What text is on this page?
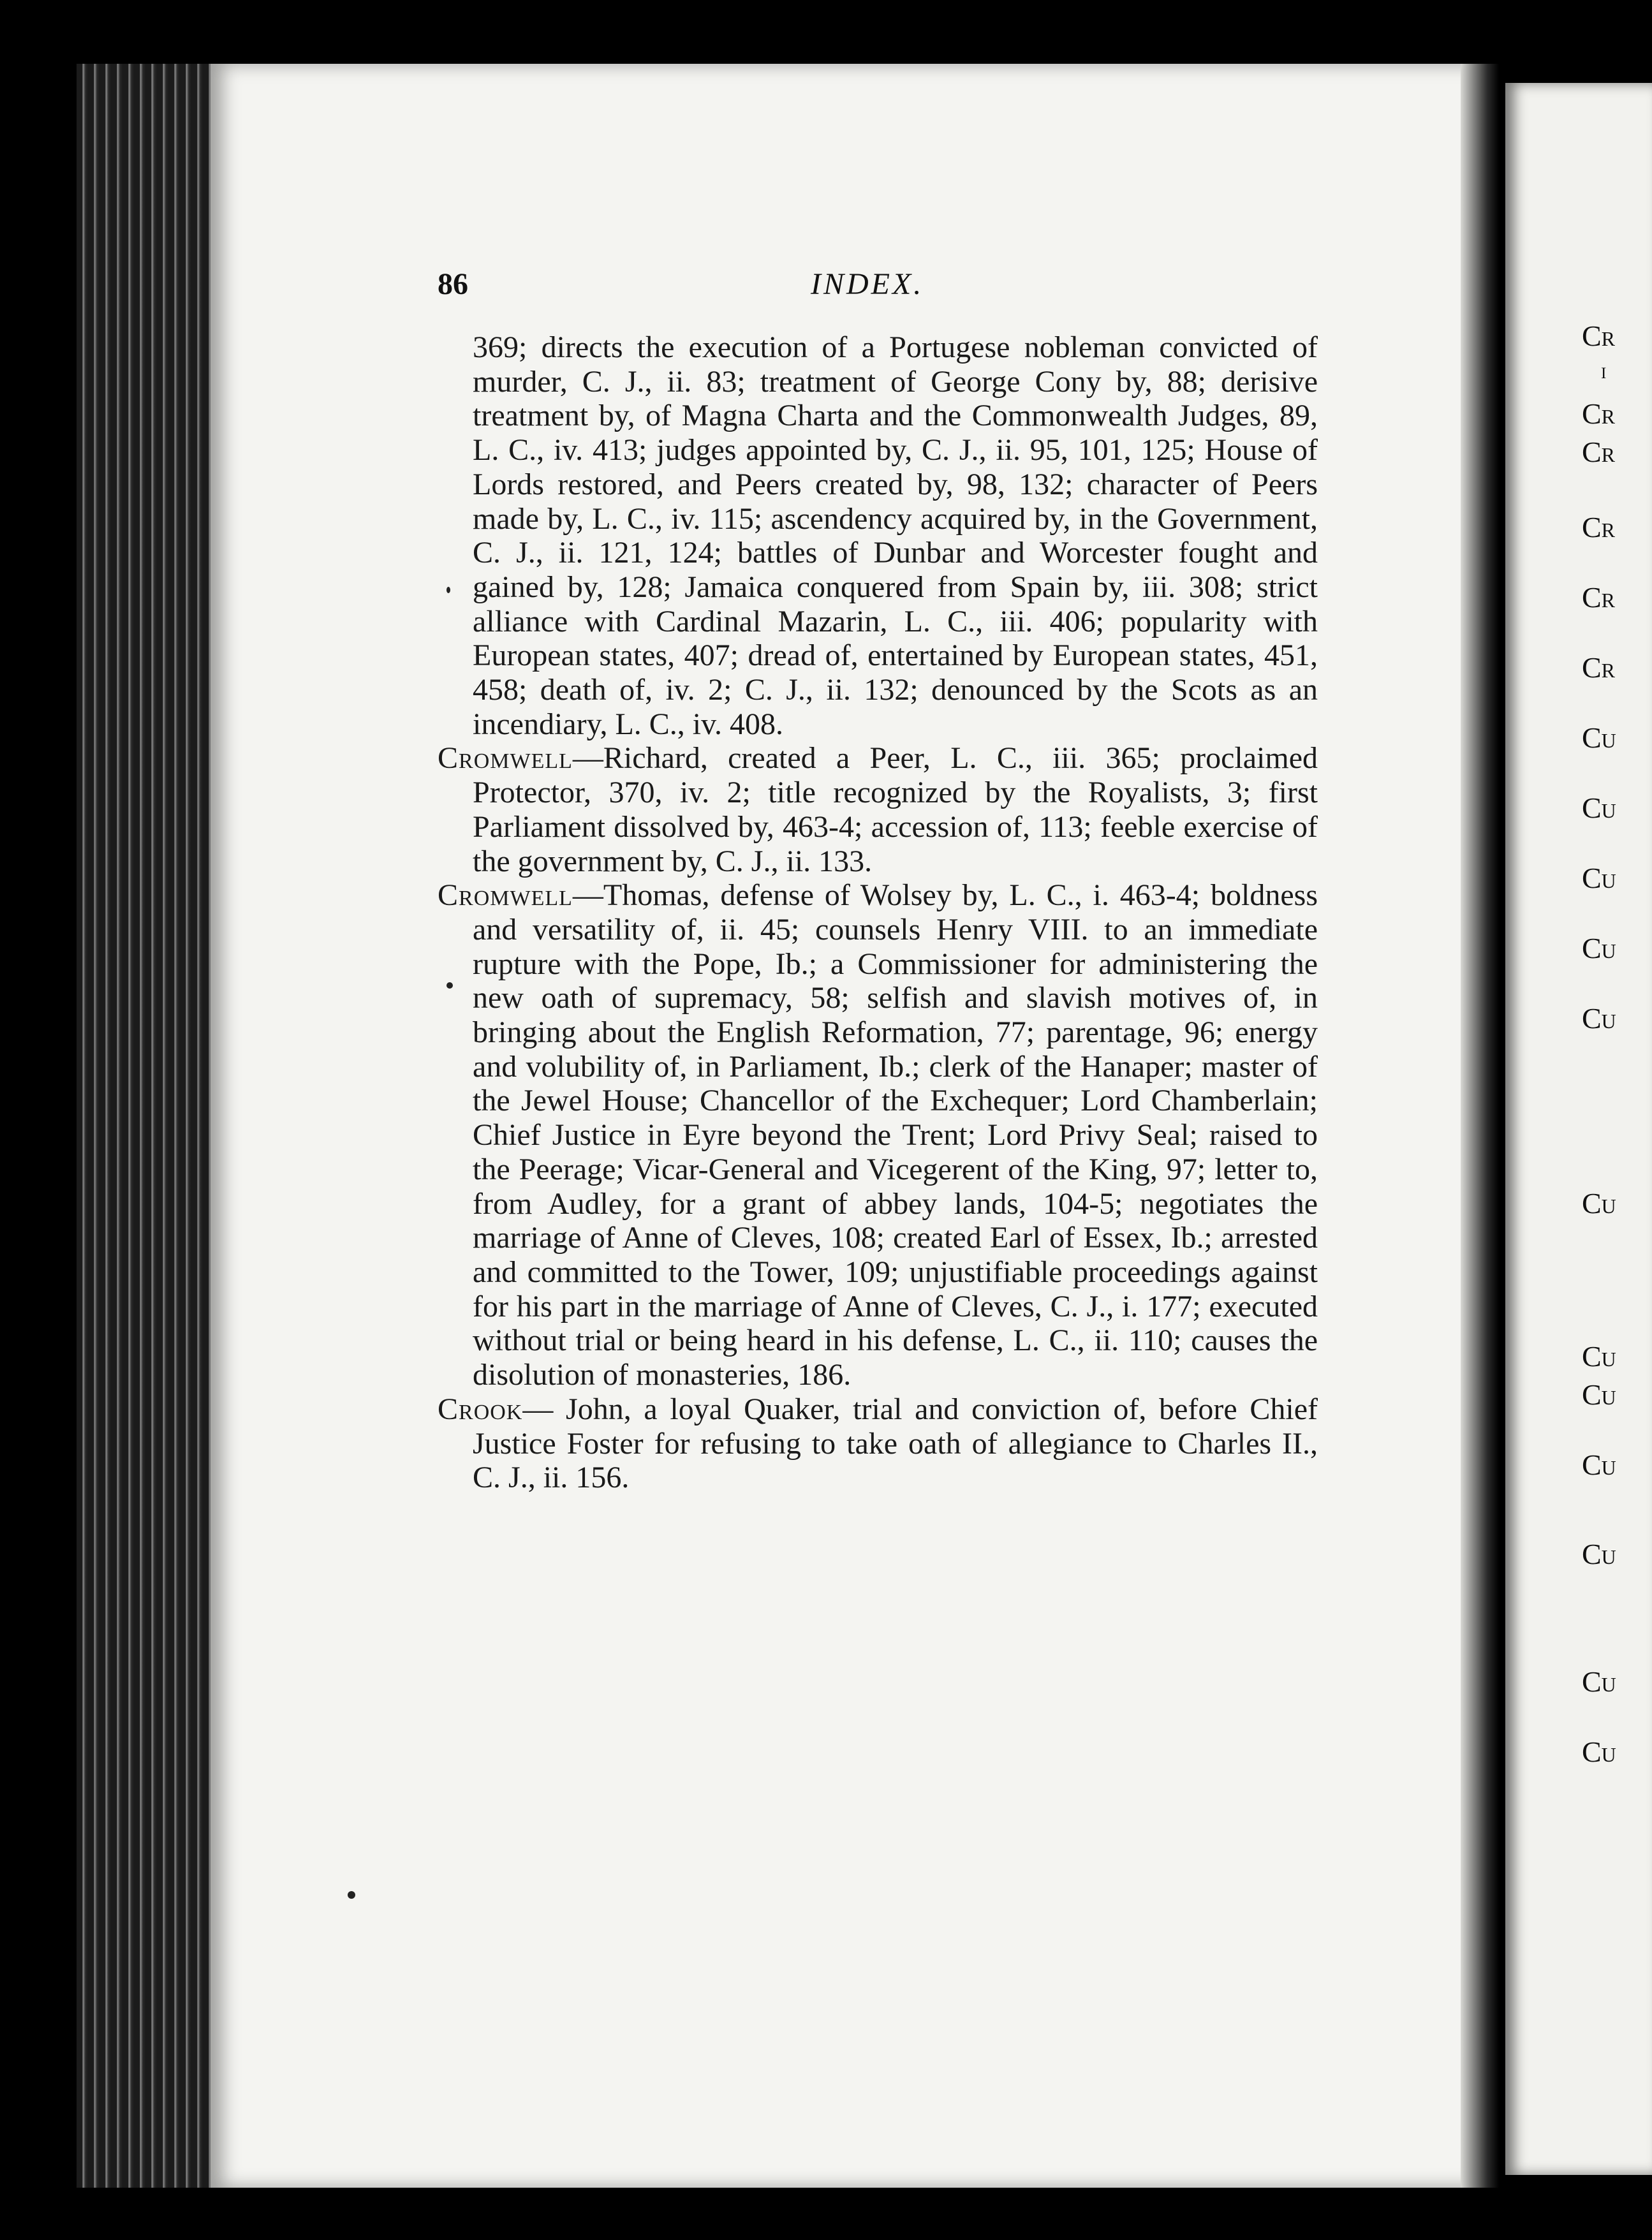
Cr
i
Cr
Cr
Cr
Cr
Cr
Cu
Cu
Cu
Cu
Cu
Cu
Cu
Cu
Cu
Cu
Cu
Cu
86	INDEX.

369; directs the execution of a Portugese nobleman convicted of murder, C. J., ii. 83; treatment of George Cony by, 88; derisive treatment by, of Magna Charta and the Commonwealth Judges, 89, L. C., iv. 413; judges appointed by, C. J., ii. 95, 101, 125; House of Lords restored, and Peers created by, 98, 132; character of Peers made by, L. C., iv. 115; ascendency acquired by, in the Government, C. J., ii. 121, 124; battles of Dunbar and Worcester fought and gained by, 128; Jamaica conquered from Spain by, iii. 308; strict alliance with Cardinal Mazarin, L. C., iii. 406; popularity with European states, 407; dread of, entertained by European states, 451, 458; death of, iv. 2; C. J., ii. 132; denounced by the Scots as an incendiary, L. C., iv. 408.

Cromwell—Richard, created a Peer, L. C., iii. 365; proclaimed Protector, 370, iv. 2; title recognized by the Royalists, 3; first Parliament dissolved by, 463-4; accession of, 113; feeble exercise of the government by, C. J., ii. 133.

Cromwell—Thomas, defense of Wolsey by, L. C., i. 463-4; boldness and versatility of, ii. 45; counsels Henry VIII. to an immediate rupture with the Pope, Ib.; a Commissioner for administering the new oath of supremacy, 58; selfish and slavish motives of, in bringing about the English Reformation, 77; parentage, 96; energy and volubility of, in Parliament, Ib.; clerk of the Hanaper; master of the Jewel House; Chancellor of the Exchequer; Lord Chamberlain; Chief Justice in Eyre beyond the Trent; Lord Privy Seal; raised to the Peerage; Vicar-General and Vicegerent of the King, 97; letter to, from Audley, for a grant of abbey lands, 104-5; negotiates the marriage of Anne of Cleves, 108; created Earl of Essex, Ib.; arrested and committed to the Tower, 109; unjustifiable proceedings against for his part in the marriage of Anne of Cleves, C. J., i. 177; executed without trial or being heard in his defense, L. C., ii. 110; causes the disolution of monasteries, 186.

Crook— John, a loyal Quaker, trial and conviction of, before Chief Justice Foster for refusing to take oath of allegiance to Charles II., C. J., ii. 156.
